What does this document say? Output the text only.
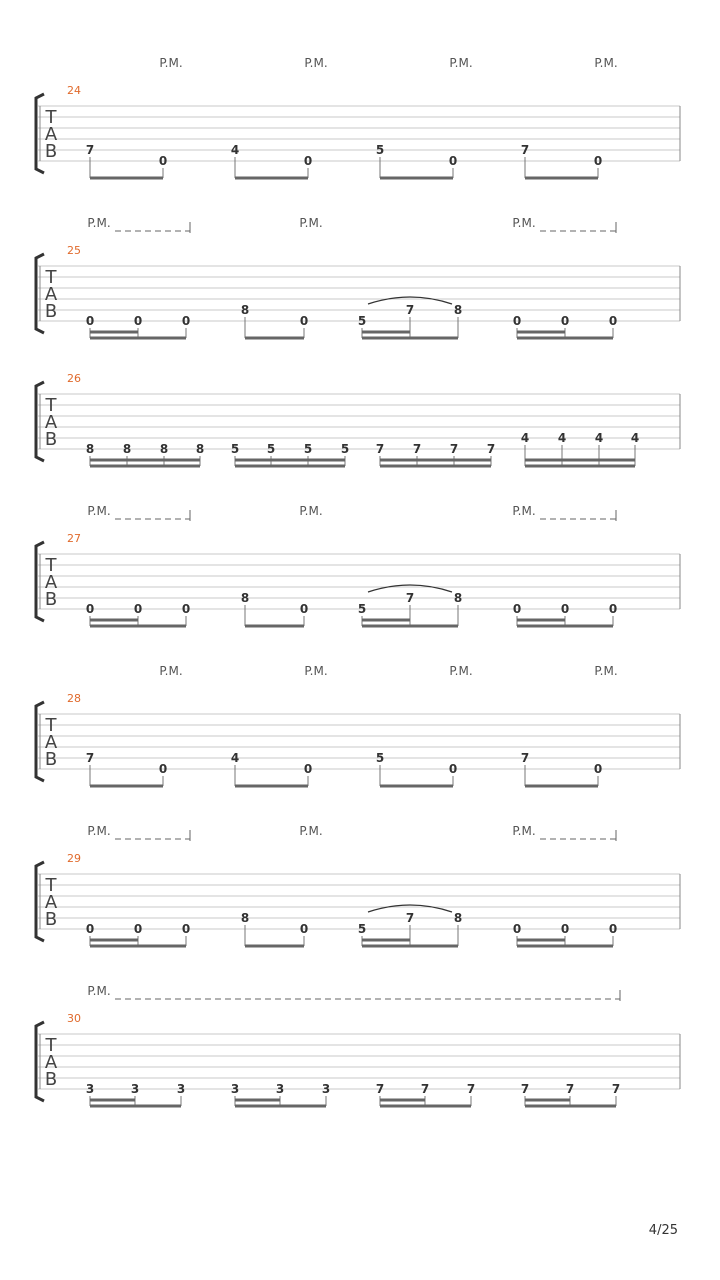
24
T
A
B
P.M.	P.M.	P.M.	P.M.
7
0
4
0
5
0
7
0
25
T
A
B
P.M.	P.M.	P.M.
0	0	0
8
0	5
7	8
0	0	0
26
T
A
B 8 8 8 8 5 5 5 5 7 7 7 7
4 4 4 4
27
T
A
B
P.M.	P.M.	P.M.
0	0	0
8
0	5
7	8
0	0	0
28
T
A
B
P.M.	P.M.	P.M.	P.M.
7
0
4
0
5
0
7
0
29
T
A
B
P.M.	P.M.	P.M.
0	0	0
8
0	5
7	8
0	0	0
30
T
A
B
P.M.
3	3	3	3	3	3	7	7	7	7	7	7
4/25
